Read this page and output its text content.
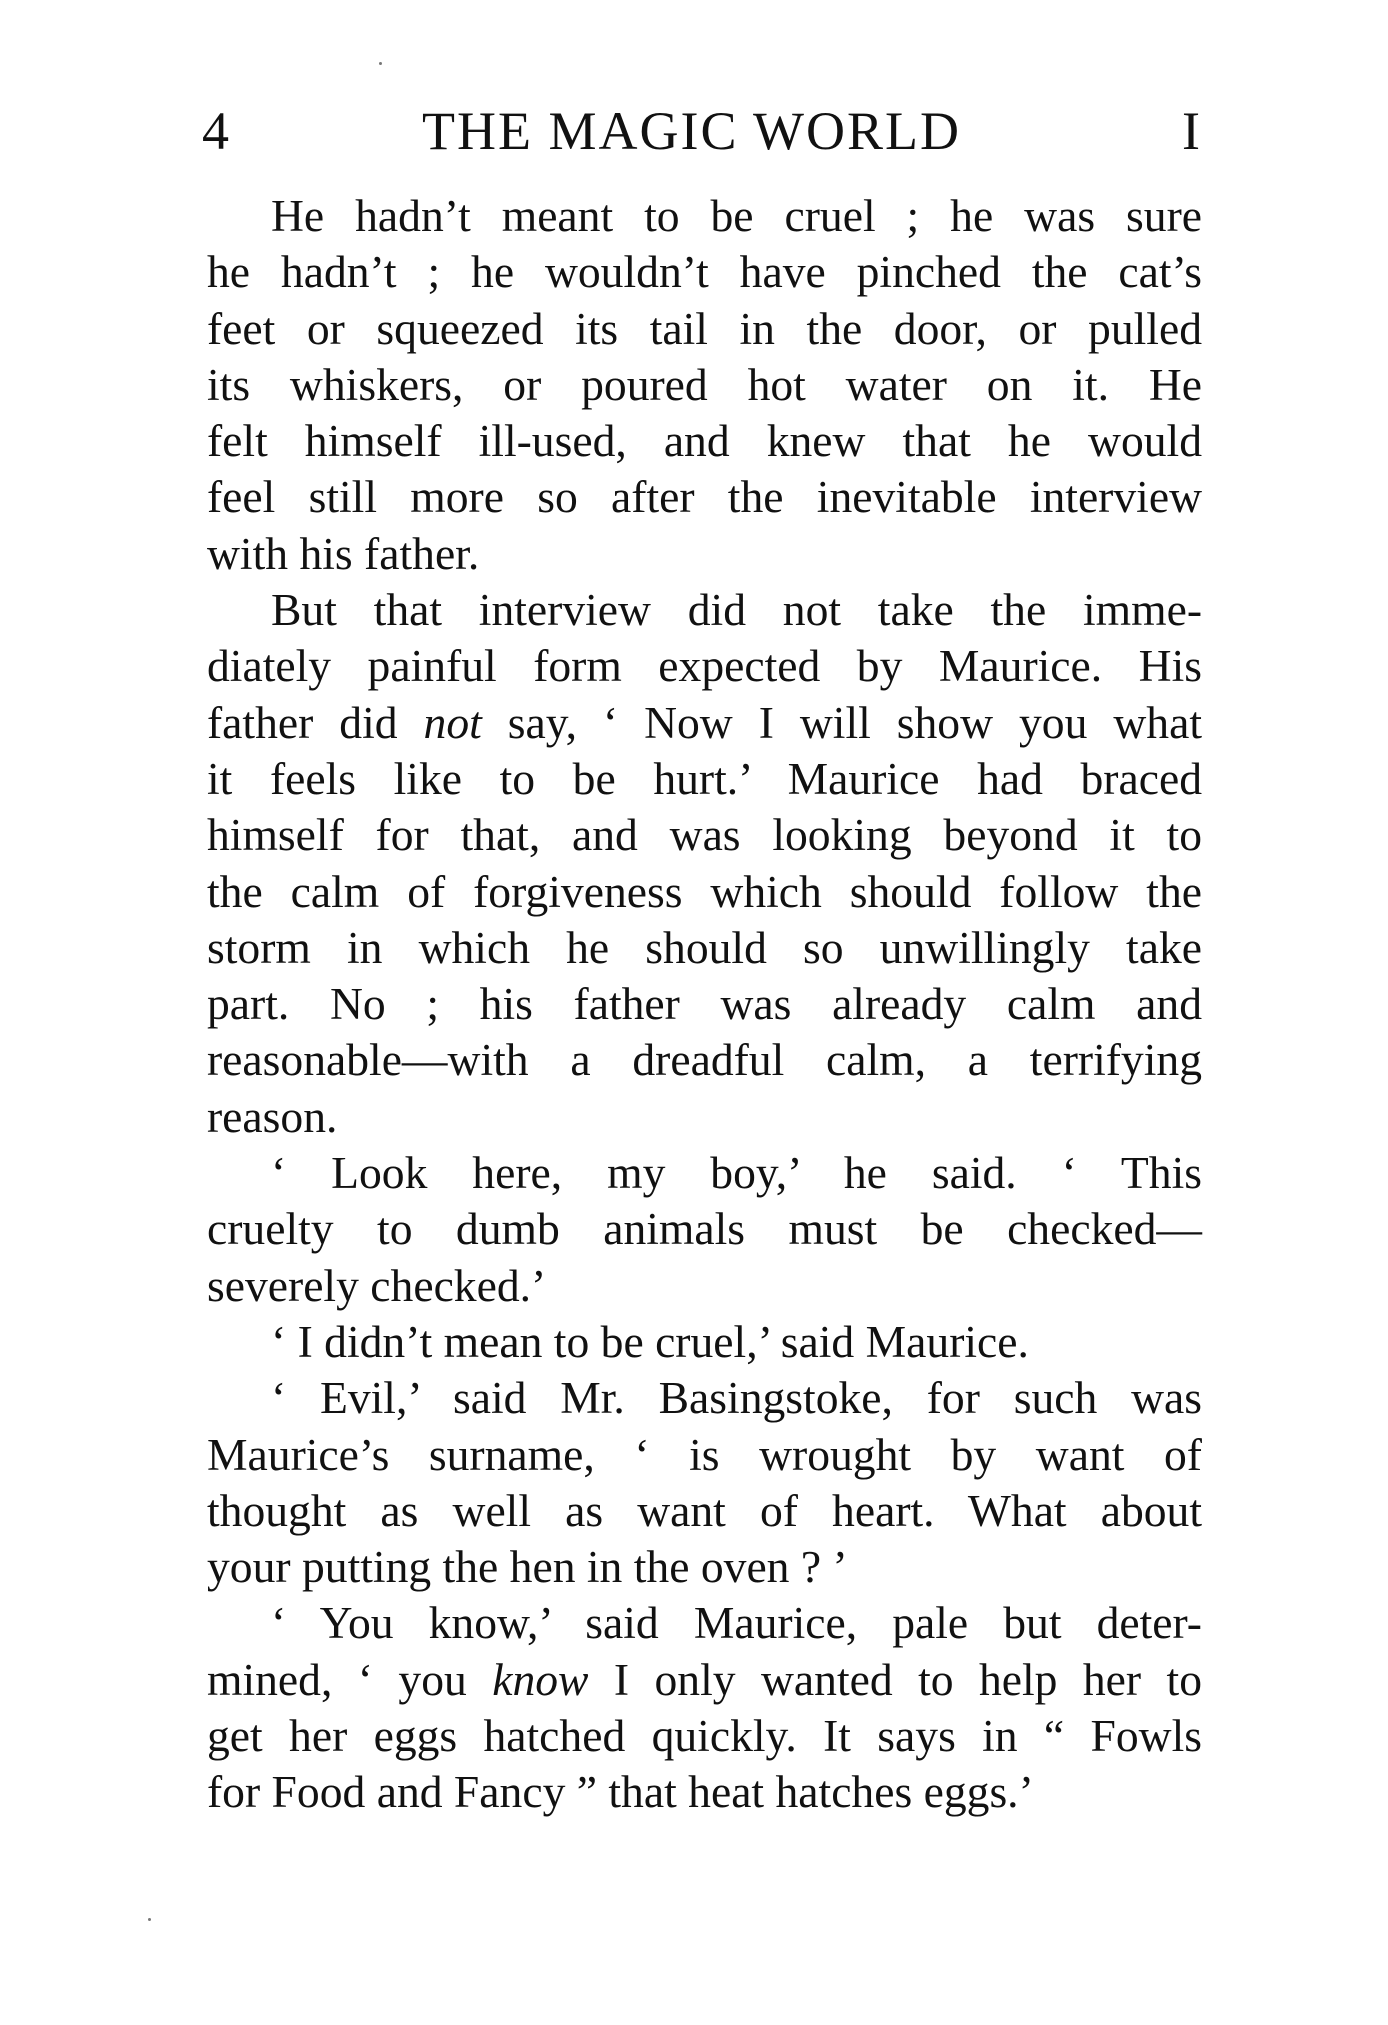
4	THE MAGIC WORLD	I
He hadn’t meant to be cruel ; he was sure
he hadn’t ; he wouldn’t have pinched the cat’s
feet or squeezed its tail in the door, or pulled
its whiskers, or poured hot water on it. He
felt himself ill-used, and knew that he would
feel still more so after the inevitable interview
with his father.
But that interview did not take the imme-
diately painful form expected by Maurice. His
father did not say, ‘ Now I will show you what
it feels like to be hurt.’ Maurice had braced
himself for that, and was looking beyond it to
the calm of forgiveness which should follow the
storm in which he should so unwillingly take
part. No ; his father was already calm and
reasonable—with a dreadful calm, a terrifying
reason.
‘ Look here, my boy,’ he said. ‘ This
cruelty to dumb animals must be checked—
severely checked.’
‘ I didn’t mean to be cruel,’ said Maurice.
‘ Evil,’ said Mr. Basingstoke, for such was
Maurice’s surname, ‘ is wrought by want of
thought as well as want of heart. What about
your putting the hen in the oven ? ’
‘ You know,’ said Maurice, pale but deter-
mined, ‘ you know I only wanted to help her to
get her eggs hatched quickly. It says in “ Fowls
for Food and Fancy ” that heat hatches eggs.’
